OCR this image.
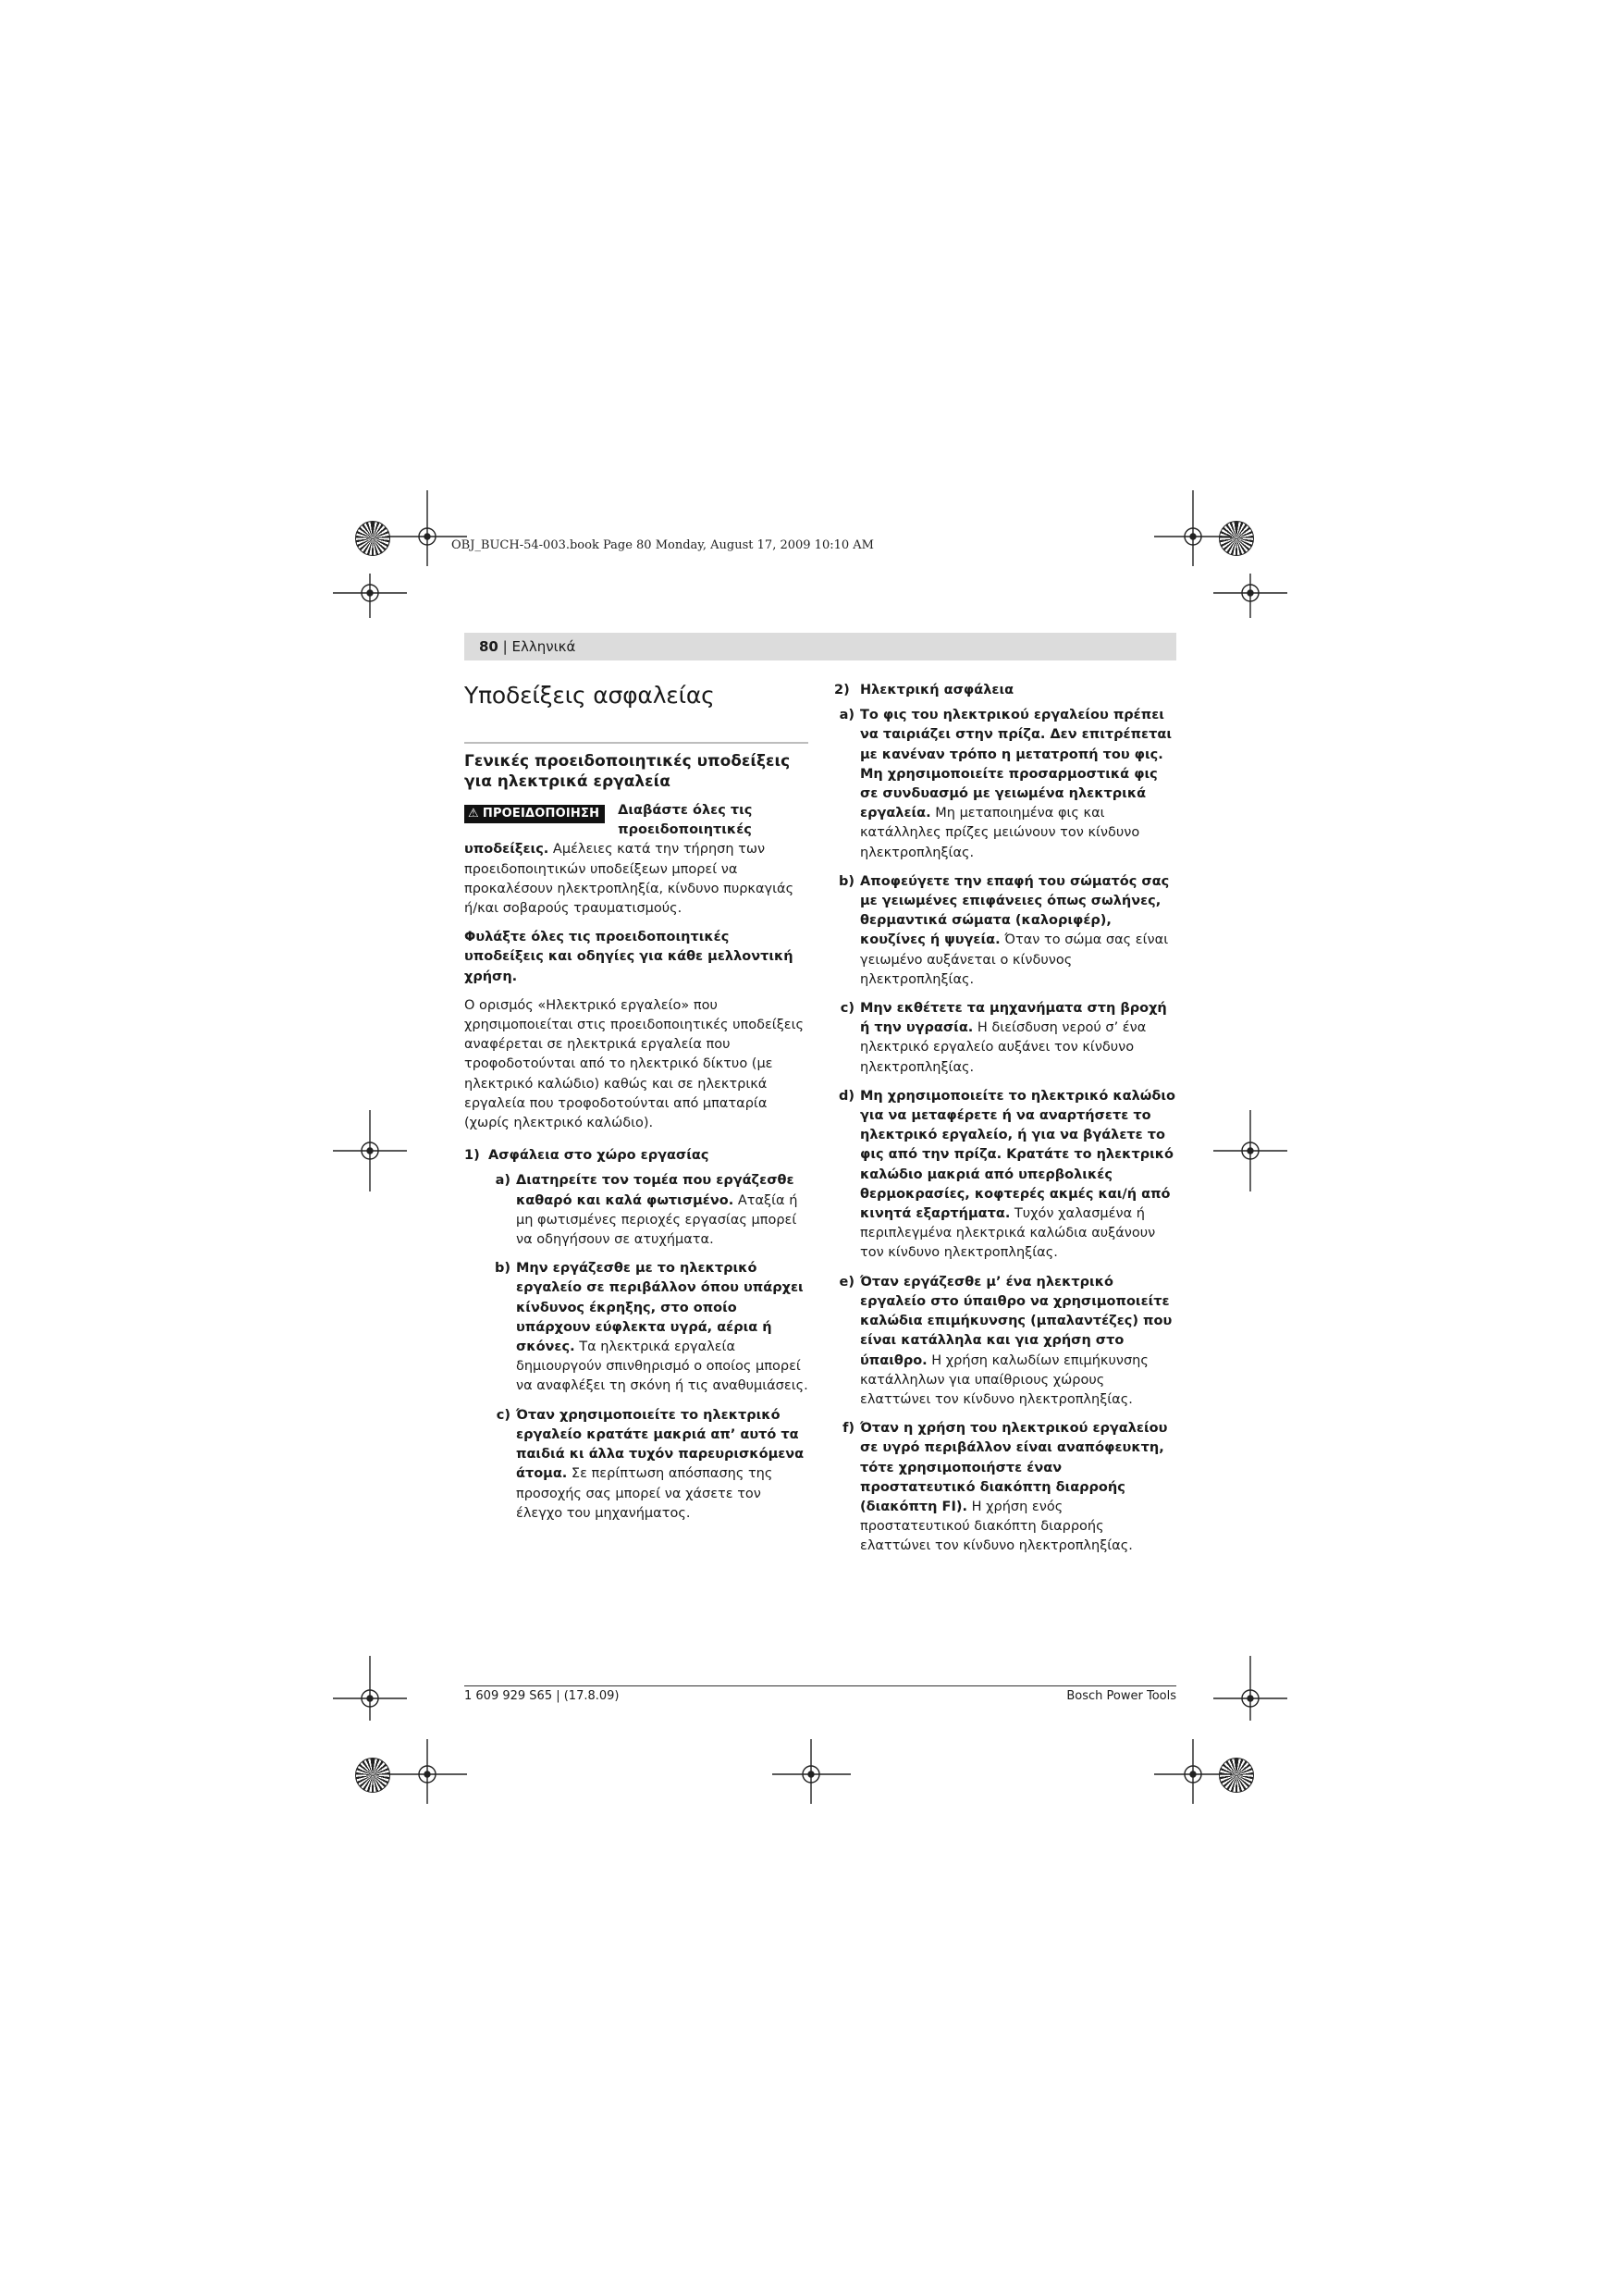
OBJ_BUCH-54-003.book Page 80 Monday, August 17, 2009 10:10 AM
80 | Ελληνικά
Υποδείξεις ασφαλείας
Γενικές προειδοποιητικές υποδείξεις για ηλεκτρικά εργαλεία

⚠ ΠΡΟΕΙΔΟΠΟΙΗΣΗ	Διαβάστε όλες τις προειδοποιητικές υποδείξεις. Αμέλειες κατά την τήρηση των προειδοποιητικών υποδείξεων μπορεί να προκαλέσουν ηλεκτροπληξία, κίνδυνο πυρκαγιάς ή/και σοβαρούς τραυματισμούς.

Φυλάξτε όλες τις προειδοποιητικές υποδείξεις και οδηγίες για κάθε μελλοντική χρήση.

Ο ορισμός «Ηλεκτρικό εργαλείο» που χρησιμοποιείται στις προειδοποιητικές υποδείξεις αναφέρεται σε ηλεκτρικά εργαλεία που τροφοδοτούνται από το ηλεκτρικό δίκτυο (με ηλεκτρικό καλώδιο) καθώς και σε ηλεκτρικά εργαλεία που τροφοδοτούνται από μπαταρία (χωρίς ηλεκτρικό καλώδιο).

1) Ασφάλεια στο χώρο εργασίας
a) Διατηρείτε τον τομέα που εργάζεσθε καθαρό και καλά φωτισμένο. Αταξία ή μη φωτισμένες περιοχές εργασίας μπορεί να οδηγήσουν σε ατυχήματα.
b) Μην εργάζεσθε με το ηλεκτρικό εργαλείο σε περιβάλλον όπου υπάρχει κίνδυνος έκρηξης, στο οποίο υπάρχουν εύφλεκτα υγρά, αέρια ή σκόνες. Τα ηλεκτρικά εργαλεία δημιουργούν σπινθηρισμό ο οποίος μπορεί να αναφλέξει τη σκόνη ή τις αναθυμιάσεις.
c) Όταν χρησιμοποιείτε το ηλεκτρικό εργαλείο κρατάτε μακριά απ’ αυτό τα παιδιά κι άλλα τυχόν παρευρισκόμενα άτομα. Σε περίπτωση απόσπασης της προσοχής σας μπορεί να χάσετε τον έλεγχο του μηχανήματος.
2) Ηλεκτρική ασφάλεια
a) Το φις του ηλεκτρικού εργαλείου πρέπει να ταιριάζει στην πρίζα. Δεν επιτρέπεται με κανέναν τρόπο η μετατροπή του φις. Μη χρησιμοποιείτε προσαρμοστικά φις σε συνδυασμό με γειωμένα ηλεκτρικά εργαλεία. Μη μεταποιημένα φις και κατάλληλες πρίζες μειώνουν τον κίνδυνο ηλεκτροπληξίας.
b) Αποφεύγετε την επαφή του σώματός σας με γειωμένες επιφάνειες όπως σωλήνες, θερμαντικά σώματα (καλοριφέρ), κουζίνες ή ψυγεία. Όταν το σώμα σας είναι γειωμένο αυξάνεται ο κίνδυνος ηλεκτροπληξίας.
c) Μην εκθέτετε τα μηχανήματα στη βροχή ή την υγρασία. Η διείσδυση νερού σ’ ένα ηλεκτρικό εργαλείο αυξάνει τον κίνδυνο ηλεκτροπληξίας.
d) Μη χρησιμοποιείτε το ηλεκτρικό καλώδιο για να μεταφέρετε ή να αναρτήσετε το ηλεκτρικό εργαλείο, ή για να βγάλετε το φις από την πρίζα. Κρατάτε το ηλεκτρικό καλώδιο μακριά από υπερβολικές θερμοκρασίες, κοφτερές ακμές και/ή από κινητά εξαρτήματα. Τυχόν χαλασμένα ή περιπλεγμένα ηλεκτρικά καλώδια αυξάνουν τον κίνδυνο ηλεκτροπληξίας.
e) Όταν εργάζεσθε μ’ ένα ηλεκτρικό εργαλείο στο ύπαιθρο να χρησιμοποιείτε καλώδια επιμήκυνσης (μπαλαντέζες) που είναι κατάλληλα και για χρήση στο ύπαιθρο. Η χρήση καλωδίων επιμήκυνσης κατάλληλων για υπαίθριους χώρους ελαττώνει τον κίνδυνο ηλεκτροπληξίας.
f) Όταν η χρήση του ηλεκτρικού εργαλείου σε υγρό περιβάλλον είναι αναπόφευκτη, τότε χρησιμοποιήστε έναν προστατευτικό διακόπτη διαρροής (διακόπτη FI). Η χρήση ενός προστατευτικού διακόπτη διαρροής ελαττώνει τον κίνδυνο ηλεκτροπληξίας.
1 609 929 S65 | (17.8.09)	Bosch Power Tools
